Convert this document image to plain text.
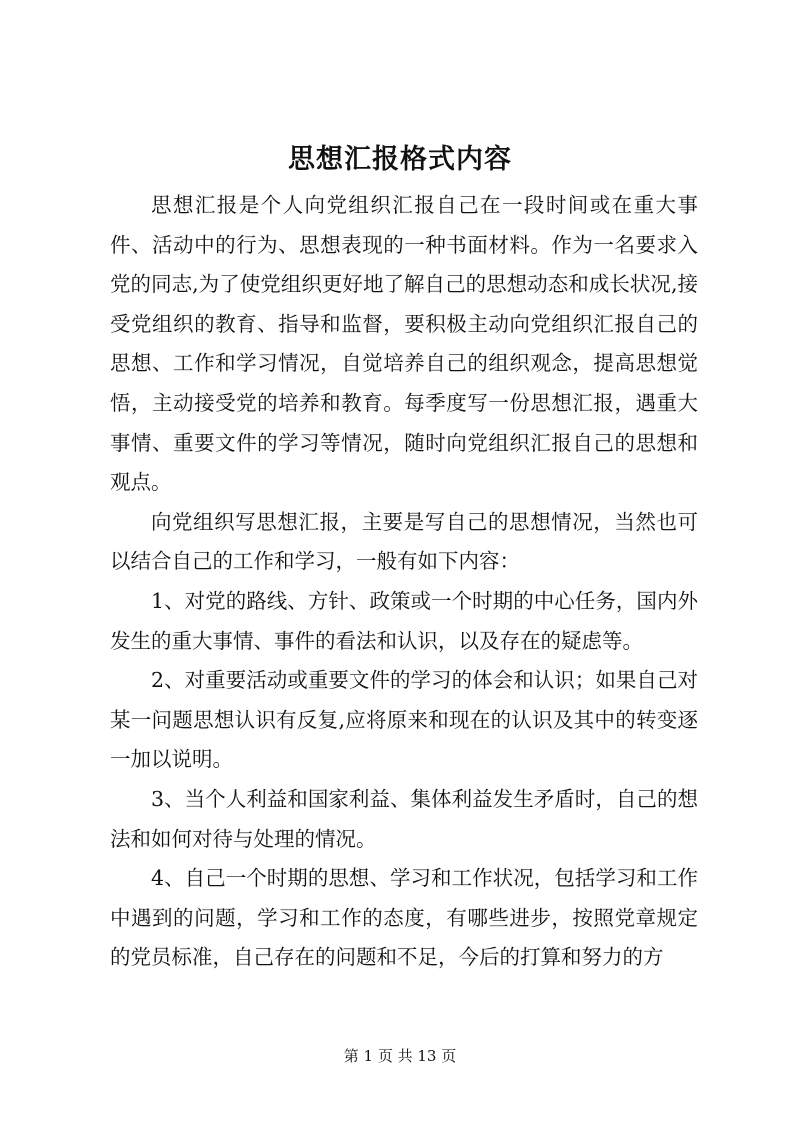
思想汇报格式内容

思想汇报是个人向党组织汇报自己在一段时间或在重大事件、活动中的行为、思想表现的一种书面材料。作为一名要求入党的同志,为了使党组织更好地了解自己的思想动态和成长状况,接受党组织的教育、指导和监督，要积极主动向党组织汇报自己的思想、工作和学习情况，自觉培养自己的组织观念，提高思想觉悟，主动接受党的培养和教育。每季度写一份思想汇报，遇重大事情、重要文件的学习等情况，随时向党组织汇报自己的思想和观点。

向党组织写思想汇报，主要是写自己的思想情况，当然也可以结合自己的工作和学习，一般有如下内容：

1、对党的路线、方针、政策或一个时期的中心任务，国内外发生的重大事情、事件的看法和认识，以及存在的疑虑等。

2、对重要活动或重要文件的学习的体会和认识；如果自己对某一问题思想认识有反复,应将原来和现在的认识及其中的转变逐一加以说明。

3、当个人利益和国家利益、集体利益发生矛盾时，自己的想法和如何对待与处理的情况。

4、自己一个时期的思想、学习和工作状况，包括学习和工作中遇到的问题，学习和工作的态度，有哪些进步，按照党章规定的党员标准，自己存在的问题和不足，今后的打算和努力的方

第 1 页 共 13 页
